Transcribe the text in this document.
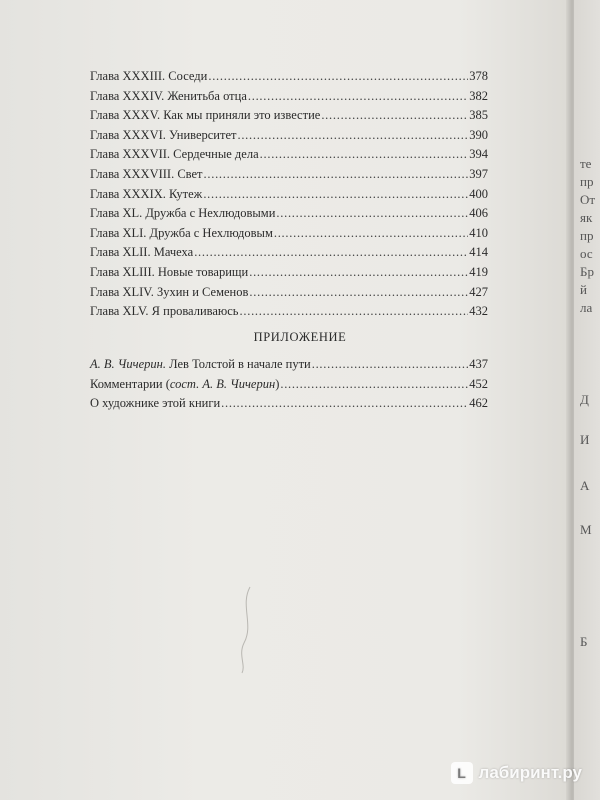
те
пр
От
як
пр
ос
Бр
й
ла
Д
И
А
М
Б
Глава XXXIII. Соседи . . .	378
Глава XXXIV. Женитьба отца . . .	382
Глава XXXV. Как мы приняли это известие . . .	385
Глава XXXVI. Университет . . .	390
Глава XXXVII. Сердечные дела . . .	394
Глава XXXVIII. Свет . . .	397
Глава XXXIX. Кутеж . . .	400
Глава XL. Дружба с Нехлюдовыми . . .	406
Глава XLI. Дружба с Нехлюдовым . . .	410
Глава XLII. Мачеха . . .	414
Глава XLIII. Новые товарищи . . .	419
Глава XLIV. Зухин и Семенов . . .	427
Глава XLV. Я проваливаюсь . . .	432
ПРИЛОЖЕНИЕ
А. В. Чичерин. Лев Толстой в начале пути . . .	437
Комментарии (сост. А. В. Чичерин) . . .	452
О художнике этой книги . . .	462
L лабиринт.ру
